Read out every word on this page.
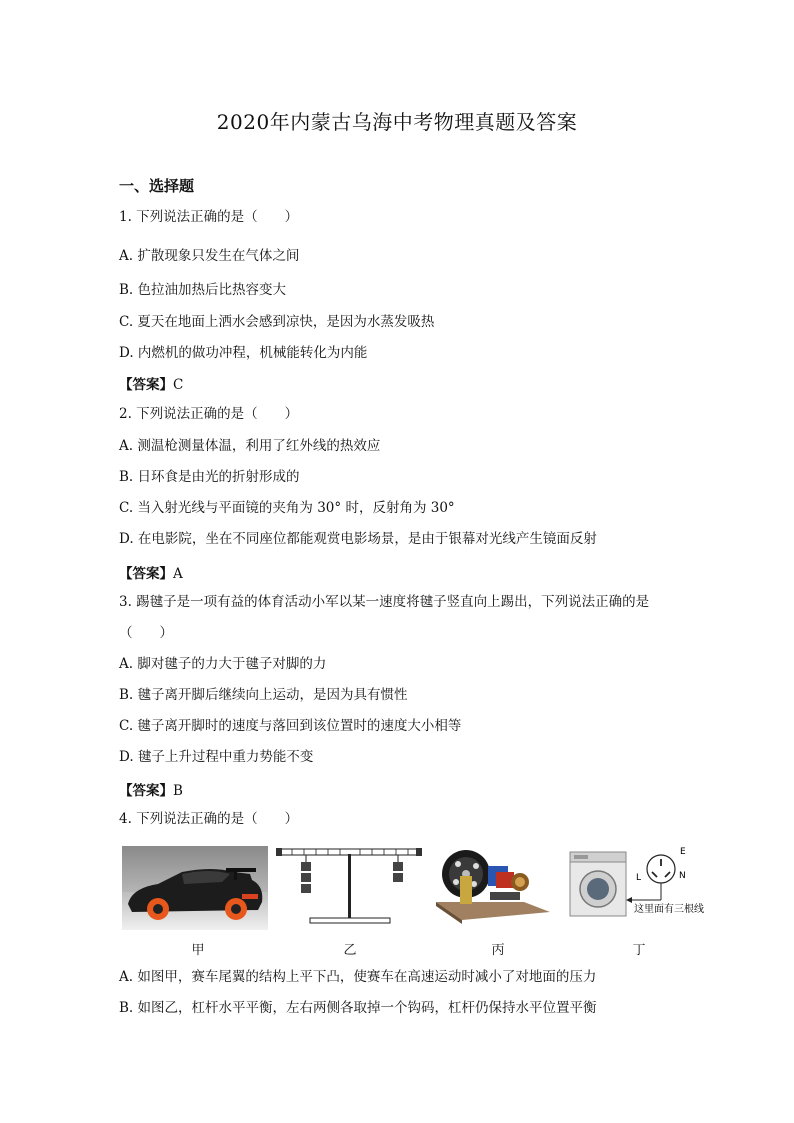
2020年内蒙古乌海中考物理真题及答案
一、选择题
1. 下列说法正确的是（　　）
A. 扩散现象只发生在气体之间
B. 色拉油加热后比热容变大
C. 夏天在地面上洒水会感到凉快，是因为水蒸发吸热
D. 内燃机的做功冲程，机械能转化为内能
【答案】C
2. 下列说法正确的是（　　）
A. 测温枪测量体温，利用了红外线的热效应
B. 日环食是由光的折射形成的
C. 当入射光线与平面镜的夹角为 30° 时，反射角为 30°
D. 在电影院，坐在不同座位都能观赏电影场景，是由于银幕对光线产生镜面反射
【答案】A
3. 踢毽子是一项有益的体育活动小军以某一速度将毽子竖直向上踢出，下列说法正确的是
（　　）
A. 脚对毽子的力大于毽子对脚的力
B. 毽子离开脚后继续向上运动，是因为具有惯性
C. 毽子离开脚时的速度与落回到该位置时的速度大小相等
D. 毽子上升过程中重力势能不变
【答案】B
4. 下列说法正确的是（　　）
E
L	N
这里面有三根线
甲	乙	丙	丁
A. 如图甲，赛车尾翼的结构上平下凸，使赛车在高速运动时减小了对地面的压力
B. 如图乙，杠杆水平平衡，左右两侧各取掉一个钩码，杠杆仍保持水平位置平衡
